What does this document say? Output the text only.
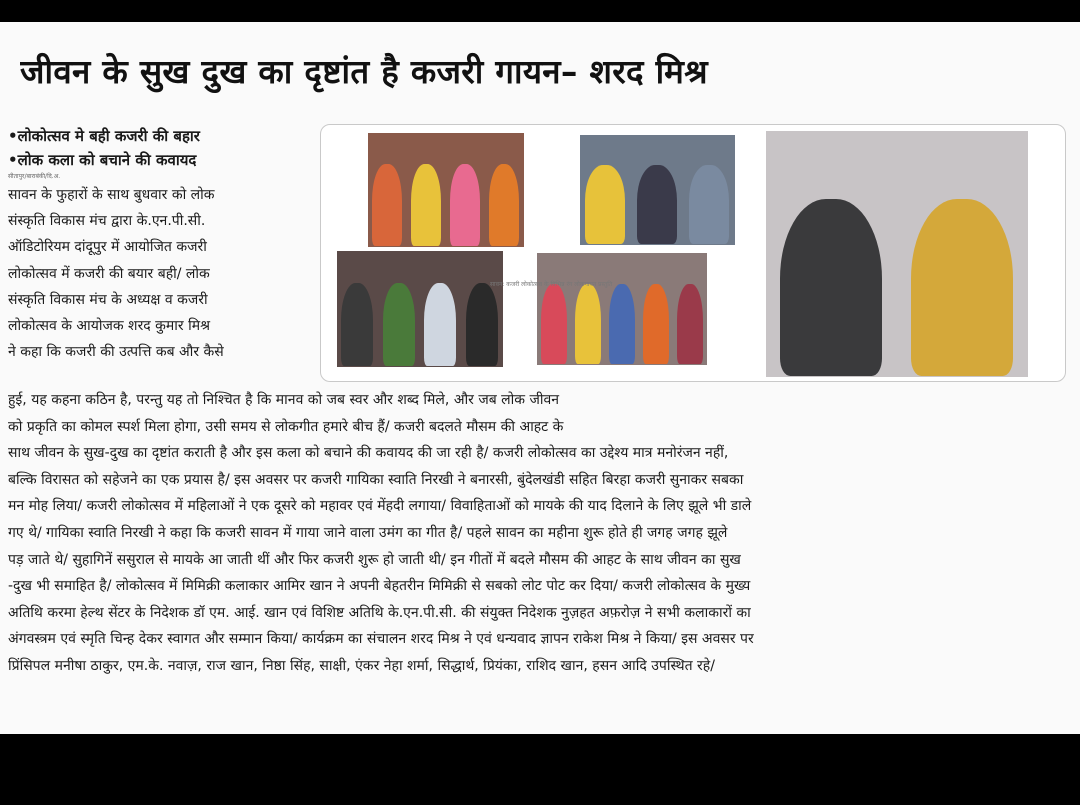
जीवन के सुख दुख का दृष्टांत है कजरी गायन– शरद मिश्र
•लोकोत्सव मे बही कजरी की बहार
•लोक कला को बचाने की कवायद
सीतापुर/बाराबंकी/दि.अ.
सावन के फुहारों के साथ बुधवार को लोक
संस्कृति विकास मंच द्वारा के.एन.पी.सी.
ऑडिटोरियम दांदूपुर में आयोजित कजरी
लोकोत्सव में कजरी की बयार बही/ लोक
संस्कृति विकास मंच के अध्यक्ष व कजरी
लोकोत्सव के आयोजक शरद कुमार मिश्र
ने कहा कि कजरी की उत्पत्ति कब और कैसे
सावन: कजरी लोकोत्सव के विभिन्न रंग लोकगायन प्रस्तुति
हुई, यह कहना कठिन है, परन्तु यह तो निश्चित है कि मानव को जब स्वर और शब्द मिले, और जब लोक जीवन
को प्रकृति का कोमल स्पर्श मिला होगा, उसी समय से लोकगीत हमारे बीच हैं/ कजरी बदलते मौसम की आहट के
साथ जीवन के सुख-दुख का दृष्टांत कराती है और इस कला को बचाने की कवायद की जा रही है/ कजरी लोकोत्सव का उद्देश्य मात्र मनोरंजन नहीं,
बल्कि विरासत को सहेजने का एक प्रयास है/ इस अवसर पर कजरी गायिका स्वाति निरखी ने बनारसी, बुंदेलखंडी सहित बिरहा कजरी सुनाकर सबका
मन मोह लिया/ कजरी लोकोत्सव में महिलाओं ने एक दूसरे को महावर एवं मेंहदी लगाया/ विवाहिताओं को मायके की याद दिलाने के लिए झूले भी डाले
गए थे/ गायिका स्वाति निरखी ने कहा कि कजरी सावन में गाया जाने वाला उमंग का गीत है/ पहले सावन का महीना शुरू होते ही जगह जगह झूले
पड़ जाते थे/ सुहागिनें ससुराल से मायके आ जाती थीं और फिर कजरी शुरू हो जाती थी/ इन गीतों में बदले मौसम की आहट के साथ जीवन का सुख
-दुख भी समाहित है/ लोकोत्सव में मिमिक्री कलाकार आमिर खान ने अपनी बेहतरीन मिमिक्री से सबको लोट पोट कर दिया/ कजरी लोकोत्सव के मुख्य
अतिथि करमा हेल्थ सेंटर के निदेशक डॉ एम. आई. खान एवं विशिष्ट अतिथि के.एन.पी.सी. की संयुक्त निदेशक नुज़हत अफ़रोज़ ने सभी कलाकारों का
अंगवस्त्रम एवं स्मृति चिन्ह देकर स्वागत और सम्मान किया/ कार्यक्रम का संचालन शरद मिश्र ने एवं धन्यवाद ज्ञापन राकेश मिश्र ने किया/ इस अवसर पर
प्रिंसिपल मनीषा ठाकुर, एम.के. नवाज़, राज खान, निष्ठा सिंह, साक्षी, एंकर नेहा शर्मा, सिद्धार्थ, प्रियंका, राशिद खान, हसन आदि उपस्थित रहे/
